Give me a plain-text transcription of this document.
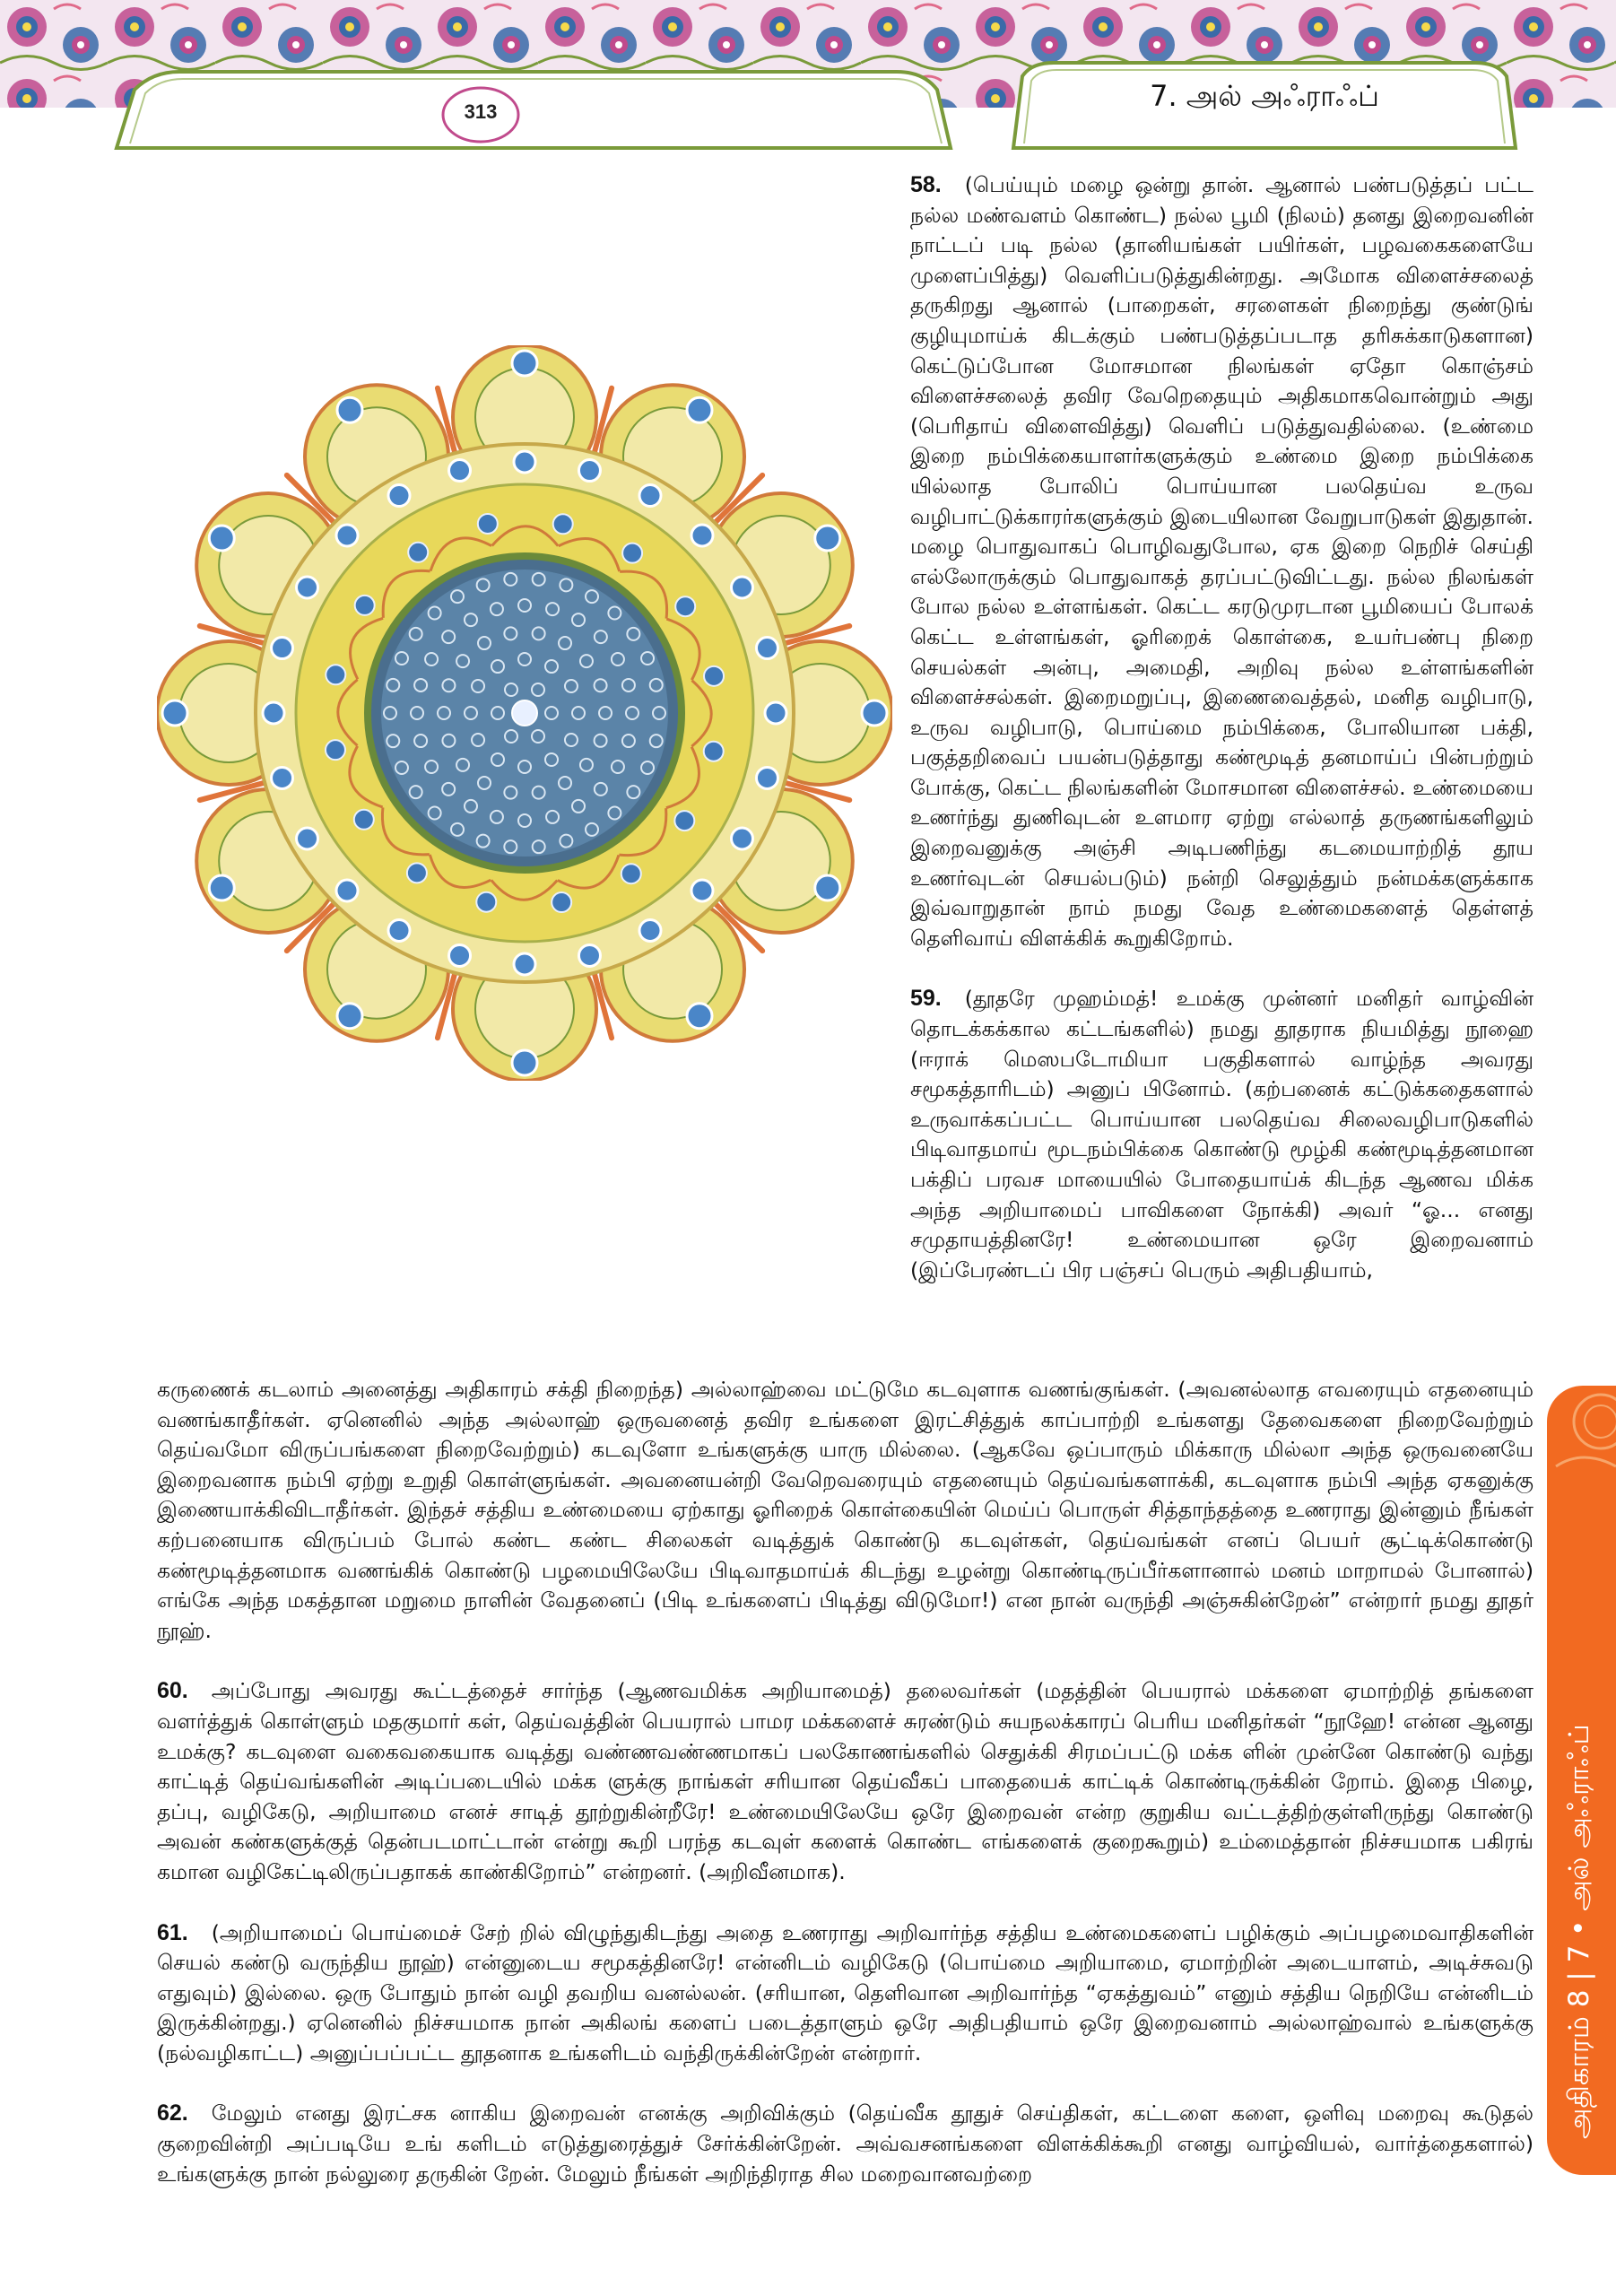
313	7. அல் அஃராஃப்

58. (பெய்யும் மழை ஒன்று தான். ஆனால் பண்படுத்தப் பட்ட நல்ல மண்வளம் கொண்ட) நல்ல பூமி (நிலம்) தனது இறைவனின் நாட்டப் படி நல்ல (தானியங்கள் பயிர்கள், பழவகைகளையே முளைப்பித்து) வெளிப்படுத்துகின்றது. அமோக விளைச்சலைத் தருகிறது ஆனால் (பாறைகள், சரளைகள் நிறைந்து குண்டுங் குழியுமாய்க் கிடக்கும் பண்படுத்தப்படாத தரிசுக்காடுகளான) கெட்டுப்போன மோசமான நிலங்கள் ஏதோ கொஞ்சம் விளைச்சலைத் தவிர வேறெதையும் அதிகமாகவொன்றும் அது (பெரிதாய் விளைவித்து) வெளிப் படுத்துவதில்லை. (உண்மை இறை நம்பிக்கையாளர்களுக்கும் உண்மை இறை நம்பிக்கை யில்லாத போலிப் பொய்யான பலதெய்வ உருவ வழிபாட்டுக்காரர்களுக்கும் இடையிலான வேறுபாடுகள் இதுதான். மழை பொதுவாகப் பொழிவதுபோல, ஏக இறை நெறிச் செய்தி எல்லோருக்கும் பொதுவாகத் தரப்பட்டுவிட்டது. நல்ல நிலங்கள் போல நல்ல உள்ளங்கள். கெட்ட கரடுமுரடான பூமியைப் போலக் கெட்ட உள்ளங்கள், ஓரிறைக் கொள்கை, உயர்பண்பு நிறை செயல்கள் அன்பு, அமைதி, அறிவு நல்ல உள்ளங்களின் விளைச்சல்கள். இறைமறுப்பு, இணைவைத்தல், மனித வழிபாடு, உருவ வழிபாடு, பொய்மை நம்பிக்கை, போலியான பக்தி, பகுத்தறிவைப் பயன்படுத்தாது கண்மூடித் தனமாய்ப் பின்பற்றும் போக்கு, கெட்ட நிலங்களின் மோசமான விளைச்சல். உண்மையை உணர்ந்து துணிவுடன் உளமார ஏற்று எல்லாத் தருணங்களிலும் இறைவனுக்கு அஞ்சி அடிபணிந்து கடமையாற்றித் தூய உணர்வுடன் செயல்படும்) நன்றி செலுத்தும் நன்மக்களுக்காக இவ்வாறுதான் நாம் நமது வேத உண்மைகளைத் தெள்ளத் தெளிவாய் விளக்கிக் கூறுகிறோம்.

59. (தூதரே முஹம்மத்! உமக்கு முன்னர் மனிதர் வாழ்வின் தொடக்கக்கால கட்டங்களில்) நமது தூதராக நியமித்து நூஹை (ஈராக் மெஸபடோமியா பகுதிகளால் வாழ்ந்த அவரது சமூகத்தாரிடம்) அனுப் பினோம். (கற்பனைக் கட்டுக்கதைகளால் உருவாக்கப்பட்ட பொய்யான பலதெய்வ சிலைவழிபாடுகளில் பிடிவாதமாய் மூடநம்பிக்கை கொண்டு மூழ்கி கண்மூடித்தனமான பக்திப் பரவச மாயையில் போதையாய்க் கிடந்த ஆணவ மிக்க அந்த அறியாமைப் பாவிகளை நோக்கி) அவர் “ஓ... எனது சமுதாயத்தினரே! உண்மையான ஒரே இறைவனாம் (இப்பேரண்டப் பிர பஞ்சப் பெரும் அதிபதியாம்,

கருணைக் கடலாம் அனைத்து அதிகாரம் சக்தி நிறைந்த) அல்லாஹ்வை மட்டுமே கடவுளாக வணங்குங்கள். (அவனல்லாத எவரையும் எதனையும் வணங்காதீர்கள். ஏனெனில் அந்த அல்லாஹ் ஒருவனைத் தவிர உங்களை இரட்சித்துக் காப்பாற்றி உங்களது தேவைகளை நிறைவேற்றும் தெய்வமோ விருப்பங்களை நிறைவேற்றும்) கடவுளோ உங்களுக்கு யாரு மில்லை. (ஆகவே ஒப்பாரும் மிக்காரு மில்லா அந்த ஒருவனையே இறைவனாக நம்பி ஏற்று உறுதி கொள்ளுங்கள். அவனையன்றி வேறெவரையும் எதனையும் தெய்வங்களாக்கி, கடவுளாக நம்பி அந்த ஏகனுக்கு இணையாக்கிவிடாதீர்கள். இந்தச் சத்திய உண்மையை ஏற்காது ஓரிறைக் கொள்கையின் மெய்ப் பொருள் சித்தாந்தத்தை உணராது இன்னும் நீங்கள் கற்பனையாக விருப்பம் போல் கண்ட கண்ட சிலைகள் வடித்துக் கொண்டு கடவுள்கள், தெய்வங்கள் எனப் பெயர் சூட்டிக்கொண்டு கண்மூடித்தனமாக வணங்கிக் கொண்டு பழமையிலேயே பிடிவாதமாய்க் கிடந்து உழன்று கொண்டிருப்பீர்களானால் மனம் மாறாமல் போனால்) எங்கே அந்த மகத்தான மறுமை நாளின் வேதனைப் (பிடி உங்களைப் பிடித்து விடுமோ!) என நான் வருந்தி அஞ்சுகின்றேன்” என்றார் நமது தூதர் நூஹ்.

60. அப்போது அவரது கூட்டத்தைச் சார்ந்த (ஆணவமிக்க அறியாமைத்) தலைவர்கள் (மதத்தின் பெயரால் மக்களை ஏமாற்றித் தங்களை வளர்த்துக் கொள்ளும் மதகுமார் கள், தெய்வத்தின் பெயரால் பாமர மக்களைச் சுரண்டும் சுயநலக்காரப் பெரிய மனிதர்கள் “நூஹே! என்ன ஆனது உமக்கு? கடவுளை வகைவகையாக வடித்து வண்ணவண்ணமாகப் பலகோணங்களில் செதுக்கி சிரமப்பட்டு மக்க ளின் முன்னே கொண்டு வந்து காட்டித் தெய்வங்களின் அடிப்படையில் மக்க ளுக்கு நாங்கள் சரியான தெய்வீகப் பாதையைக் காட்டிக் கொண்டிருக்கின் றோம். இதை பிழை, தப்பு, வழிகேடு, அறியாமை எனச் சாடித் தூற்றுகின்றீரே! உண்மையிலேயே ஒரே இறைவன் என்ற குறுகிய வட்டத்திற்குள்ளிருந்து கொண்டு அவன் கண்களுக்குத் தென்படமாட்டான் என்று கூறி பரந்த கடவுள் களைக் கொண்ட எங்களைக் குறைகூறும்) உம்மைத்தான் நிச்சயமாக பகிரங் கமான வழிகேட்டிலிருப்பதாகக் காண்கிறோம்” என்றனர். (அறிவீனமாக).

61. (அறியாமைப் பொய்மைச் சேற் றில் விழுந்துகிடந்து அதை உணராது அறிவார்ந்த சத்திய உண்மைகளைப் பழிக்கும் அப்பழமைவாதிகளின் செயல் கண்டு வருந்திய நூஹ்) என்னுடைய சமூகத்தினரே! என்னிடம் வழிகேடு (பொய்மை அறியாமை, ஏமாற்றின் அடையாளம், அடிச்சுவடு எதுவும்) இல்லை. ஒரு போதும் நான் வழி தவறிய வனல்லன். (சரியான, தெளிவான அறிவார்ந்த “ஏகத்துவம்” எனும் சத்திய நெறியே என்னிடம் இருக்கின்றது.) ஏனெனில் நிச்சயமாக நான் அகிலங் களைப் படைத்தாளும் ஒரே அதிபதியாம் ஒரே இறைவனாம் அல்லாஹ்வால் உங்களுக்கு (நல்வழிகாட்ட) அனுப்பப்பட்ட தூதனாக உங்களிடம் வந்திருக்கின்றேன் என்றார்.

62. மேலும் எனது இரட்சக னாகிய இறைவன் எனக்கு அறிவிக்கும் (தெய்வீக தூதுச் செய்திகள், கட்டளை களை, ஒளிவு மறைவு கூடுதல் குறைவின்றி அப்படியே உங் களிடம் எடுத்துரைத்துச் சேர்க்கின்றேன். அவ்வசனங்களை விளக்கிக்கூறி எனது வாழ்வியல், வார்த்தைகளால்) உங்களுக்கு நான் நல்லுரை தருகின் றேன். மேலும் நீங்கள் அறிந்திராத சில மறைவானவற்றை

அதிகாரம் 8 | 7 • அல் அஃராஃப்
